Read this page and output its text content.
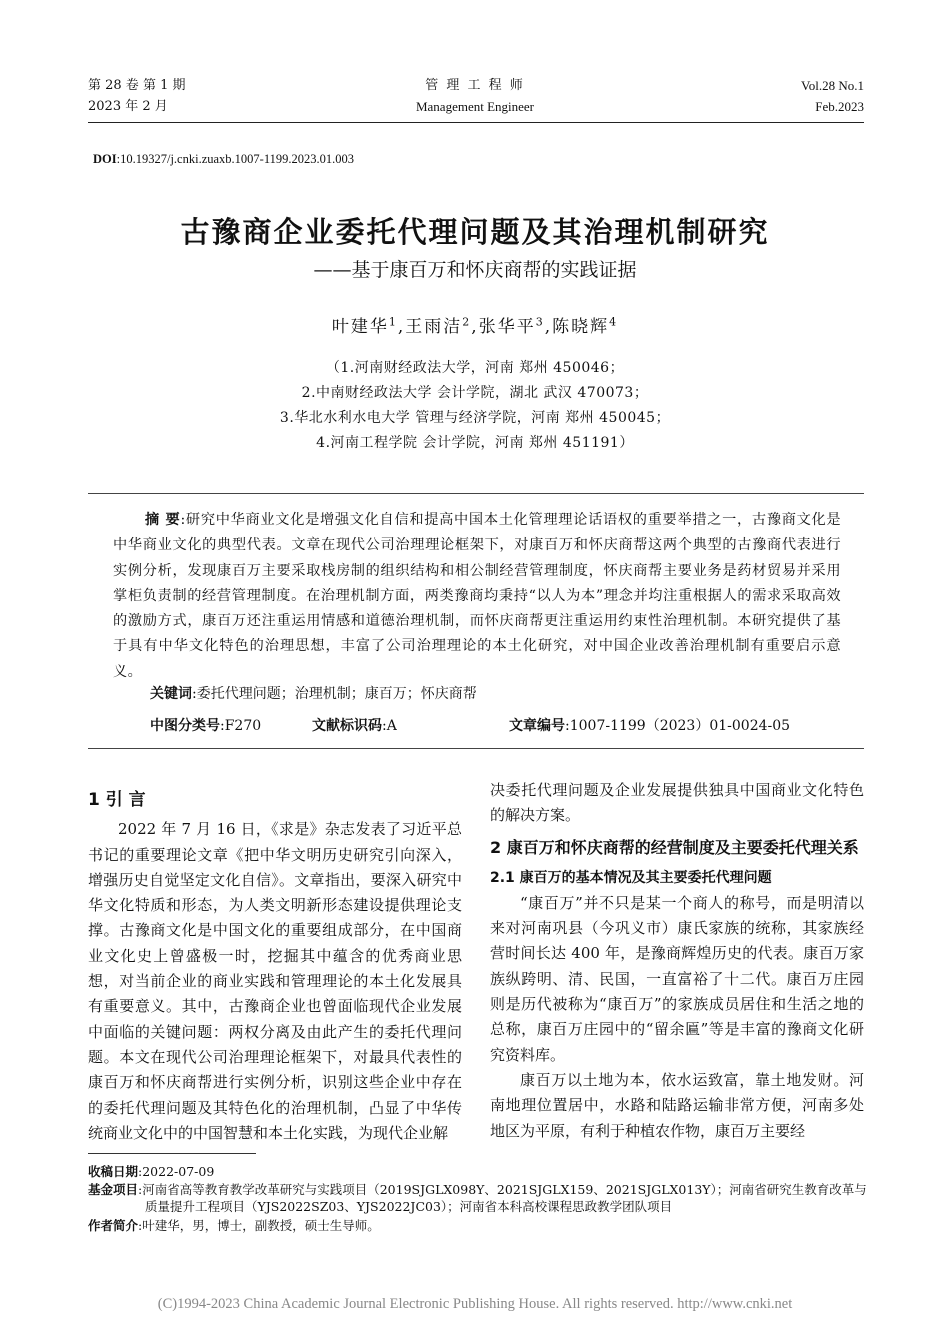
第 28 卷 第 1 期
2023 年 2 月
管 理 工 程 师
Management Engineer
Vol.28 No.1
Feb.2023
DOI:10.19327/j.cnki.zuaxb.1007-1199.2023.01.003
古豫商企业委托代理问题及其治理机制研究
——基于康百万和怀庆商帮的实践证据
叶建华$^1$,王雨洁$^2$,张华平$^3$,陈晓辉$^4$
（1.河南财经政法大学，河南 郑州 450046；
2.中南财经政法大学 会计学院，湖北 武汉 470073；
3.华北水利水电大学 管理与经济学院，河南 郑州 450045；
4.河南工程学院 会计学院，河南 郑州 451191）
摘 要:研究中华商业文化是增强文化自信和提高中国本土化管理理论话语权的重要举措之一，古豫商文化是中华商业文化的典型代表。文章在现代公司治理理论框架下，对康百万和怀庆商帮这两个典型的古豫商代表进行实例分析，发现康百万主要采取栈房制的组织结构和相公制经营管理制度，怀庆商帮主要业务是药材贸易并采用掌柜负责制的经营管理制度。在治理机制方面，两类豫商均秉持“以人为本”理念并均注重根据人的需求采取高效的激励方式，康百万还注重运用情感和道德治理机制，而怀庆商帮更注重运用约束性治理机制。本研究提供了基于具有中华文化特色的治理思想，丰富了公司治理理论的本土化研究，对中国企业改善治理机制有重要启示意义。
关键词:委托代理问题；治理机制；康百万；怀庆商帮
中图分类号:F270	文献标识码:A	文章编号:1007-1199（2023）01-0024-05
1 引 言

2022 年 7 月 16 日，《求是》杂志发表了习近平总书记的重要理论文章《把中华文明历史研究引向深入，增强历史自觉坚定文化自信》。文章指出，要深入研究中华文化特质和形态，为人类文明新形态建设提供理论支撑。古豫商文化是中国文化的重要组成部分，在中国商业文化史上曾盛极一时，挖掘其中蕴含的优秀商业思想，对当前企业的商业实践和管理理论的本土化发展具有重要意义。其中，古豫商企业也曾面临现代企业发展中面临的关键问题：两权分离及由此产生的委托代理问题。本文在现代公司治理理论框架下，对最具代表性的康百万和怀庆商帮进行实例分析，识别这些企业中存在的委托代理问题及其特色化的治理机制，凸显了中华传统商业文化中的中国智慧和本土化实践，为现代企业解

决委托代理问题及企业发展提供独具中国商业文化特色的解决方案。

2 康百万和怀庆商帮的经营制度及主要委托代理关系
2.1 康百万的基本情况及其主要委托代理问题

“康百万”并不只是某一个商人的称号，而是明清以来对河南巩县（今巩义市）康氏家族的统称，其家族经营时间长达 400 年，是豫商辉煌历史的代表。康百万家族纵跨明、清、民国，一直富裕了十二代。康百万庄园则是历代被称为“康百万”的家族成员居住和生活之地的总称，康百万庄园中的“留余匾”等是丰富的豫商文化研究资料库。

康百万以土地为本，依水运致富，靠土地发财。河南地理位置居中，水路和陆路运输非常方便，河南多处地区为平原，有利于种植农作物，康百万主要经

收稿日期:2022-07-09
基金项目:河南省高等教育教学改革研究与实践项目（2019SJGLX098Y、2021SJGLX159、2021SJGLX013Y）；河南省研究生教育改革与质量提升工程项目（YJS2022SZ03、YJS2022JC03）；河南省本科高校课程思政教学团队项目
作者简介:叶建华，男，博士，副教授，硕士生导师。
(C)1994-2023 China Academic Journal Electronic Publishing House. All rights reserved. http://www.cnki.net
